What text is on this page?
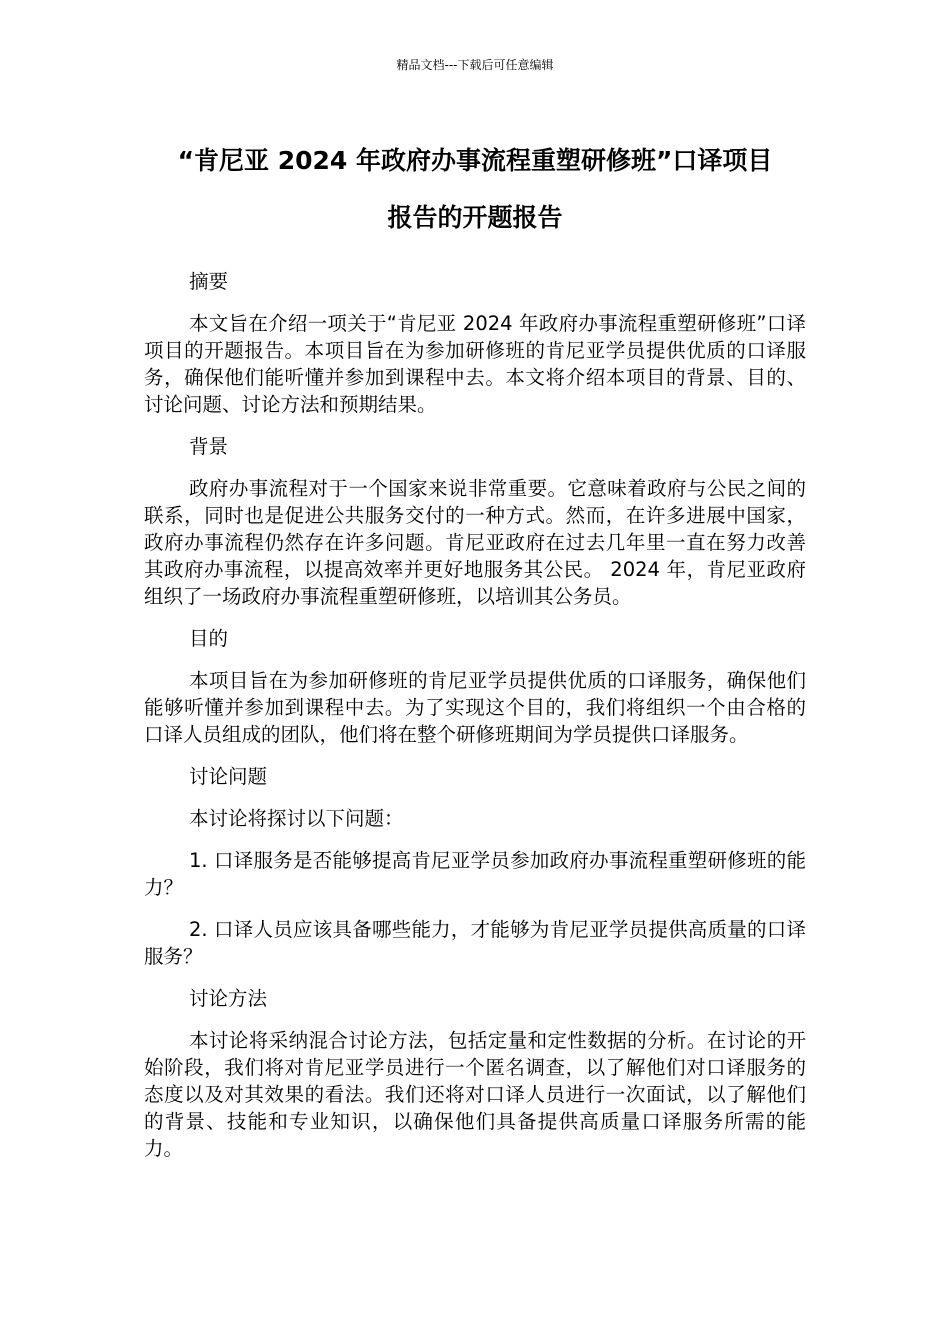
精品文档---下载后可任意编辑
“肯尼亚 2024 年政府办事流程重塑研修班”口译项目
报告的开题报告

摘要

本文旨在介绍一项关于“肯尼亚 2024 年政府办事流程重塑研修班”口译项目的开题报告。本项目旨在为参加研修班的肯尼亚学员提供优质的口译服务，确保他们能听懂并参加到课程中去。本文将介绍本项目的背景、目的、讨论问题、讨论方法和预期结果。

背景

政府办事流程对于一个国家来说非常重要。它意味着政府与公民之间的联系，同时也是促进公共服务交付的一种方式。然而，在许多进展中国家，政府办事流程仍然存在许多问题。肯尼亚政府在过去几年里一直在努力改善其政府办事流程，以提高效率并更好地服务其公民。 2024 年，肯尼亚政府组织了一场政府办事流程重塑研修班，以培训其公务员。

目的

本项目旨在为参加研修班的肯尼亚学员提供优质的口译服务，确保他们能够听懂并参加到课程中去。为了实现这个目的，我们将组织一个由合格的口译人员组成的团队，他们将在整个研修班期间为学员提供口译服务。

讨论问题

本讨论将探讨以下问题：

1. 口译服务是否能够提高肯尼亚学员参加政府办事流程重塑研修班的能力？

2. 口译人员应该具备哪些能力，才能够为肯尼亚学员提供高质量的口译服务？

讨论方法

本讨论将采纳混合讨论方法，包括定量和定性数据的分析。在讨论的开始阶段，我们将对肯尼亚学员进行一个匿名调查，以了解他们对口译服务的态度以及对其效果的看法。我们还将对口译人员进行一次面试，以了解他们的背景、技能和专业知识，以确保他们具备提供高质量口译服务所需的能力。
